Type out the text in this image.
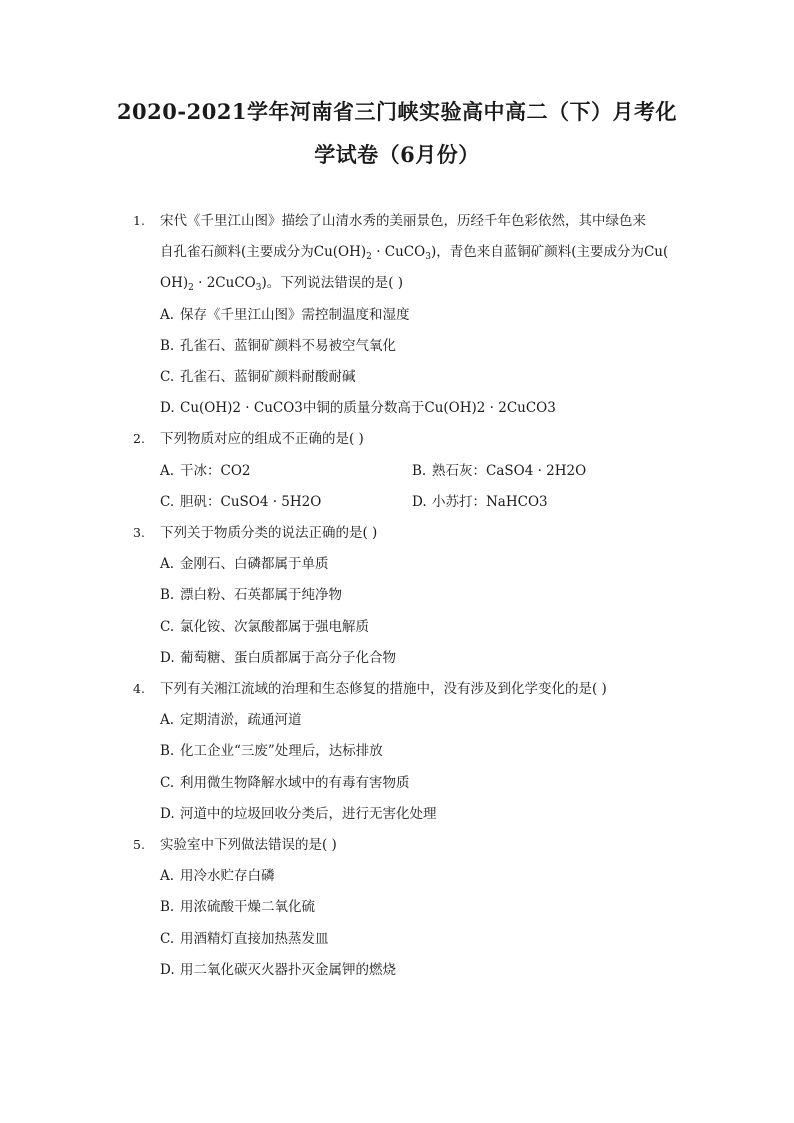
2020-2021学年河南省三门峡实验高中高二（下）月考化
学试卷（6月份）
1. 宋代《千里江山图》描绘了山清水秀的美丽景色，历经千年色彩依然，其中绿色来
自孔雀石颜料(主要成分为$Cu(OH)_2$ · CuCO$_3$)，青色来自蓝铜矿颜料(主要成分为Cu(
$OH)_2$ · 2CuCO$_3$)。下列说法错误的是( )
A. 保存《千里江山图》需控制温度和湿度
B. 孔雀石、蓝铜矿颜料不易被空气氧化
C. 孔雀石、蓝铜矿颜料耐酸耐碱
D. Cu(OH)2 · CuCO3中铜的质量分数高于Cu(OH)2 · 2CuCO3
2. 下列物质对应的组成不正确的是( )
A. 干冰：CO2	B. 熟石灰：CaSO4 · 2H2O
C. 胆矾：CuSO4 · 5H2O	D. 小苏打：NaHCO3
3. 下列关于物质分类的说法正确的是( )
A. 金刚石、白磷都属于单质
B. 漂白粉、石英都属于纯净物
C. 氯化铵、次氯酸都属于强电解质
D. 葡萄糖、蛋白质都属于高分子化合物
4. 下列有关湘江流域的治理和生态修复的措施中，没有涉及到化学变化的是( )
A. 定期清淤，疏通河道
B. 化工企业“三废”处理后，达标排放
C. 利用微生物降解水域中的有毒有害物质
D. 河道中的垃圾回收分类后，进行无害化处理
5. 实验室中下列做法错误的是( )
A. 用冷水贮存白磷
B. 用浓硫酸干燥二氧化硫
C. 用酒精灯直接加热蒸发皿
D. 用二氧化碳灭火器扑灭金属钾的燃烧
